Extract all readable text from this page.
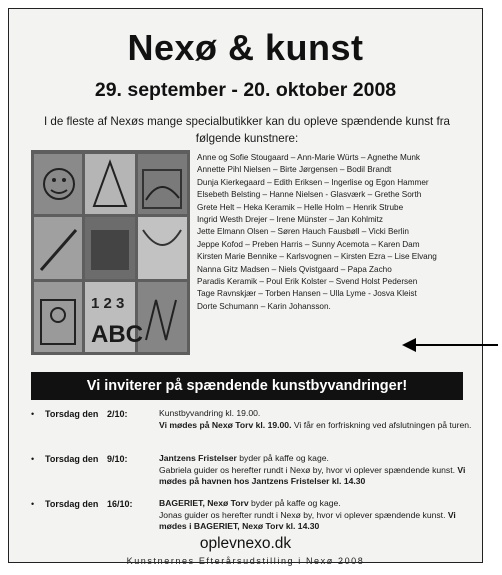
Nexø & kunst
29. september - 20. oktober 2008
I de fleste af Nexøs mange specialbutikker kan du opleve spændende kunst fra følgende kunstnere:
1 2 3
ABC
Anne og Sofie Stougaard – Ann-Marie Würts – Agnethe Munk
Annette Pihl Nielsen – Birte Jørgensen – Bodil Brandt
Dunja Kierkegaard – Edith Eriksen – Ingerlise og Egon Hammer
Elsebeth Belsting – Hanne Nielsen - Glasværk – Grethe Sorth
Grete Helt – Heka Keramik – Helle Holm – Henrik Strube
Ingrid Westh Drejer – Irene Münster – Jan Kohlmitz
Jette Elmann Olsen – Søren Hauch Fausbøll – Vicki Berlin
Jeppe Kofod – Preben Harris – Sunny Acemota – Karen Dam
Kirsten Marie Bennike – Karlsvognen – Kirsten Ezra – Lise Elvang
Nanna Gitz Madsen – Niels Qvistgaard – Papa Zacho
Paradis Keramik – Poul Erik Kolster – Svend Holst Pedersen
Tage Ravnskjær – Torben Hansen – Ulla Lyme - Josva Kleist
Dorte Schumann – Karin Johansson.
Vi inviterer på spændende kunstbyvandringer!
• Torsdag den 2/10:	Kunstbyvandring kl. 19.00.
Vi mødes på Nexø Torv kl. 19.00. Vi får en forfriskning ved afslutningen på turen.
• Torsdag den 9/10:	Jantzens Fristelser byder på kaffe og kage.
Gabriela guider os herefter rundt i Nexø by, hvor vi oplever spændende kunst. Vi mødes på havnen hos Jantzens Fristelser kl. 14.30
• Torsdag den 16/10:	BAGERIET, Nexø Torv byder på kaffe og kage.
Jonas guider os herefter rundt i Nexø by, hvor vi oplever spændende kunst. Vi mødes i BAGERIET, Nexø Torv kl. 14.30
oplevnexo.dk
Kunstnernes Efterårsudstilling i Nexø 2008
